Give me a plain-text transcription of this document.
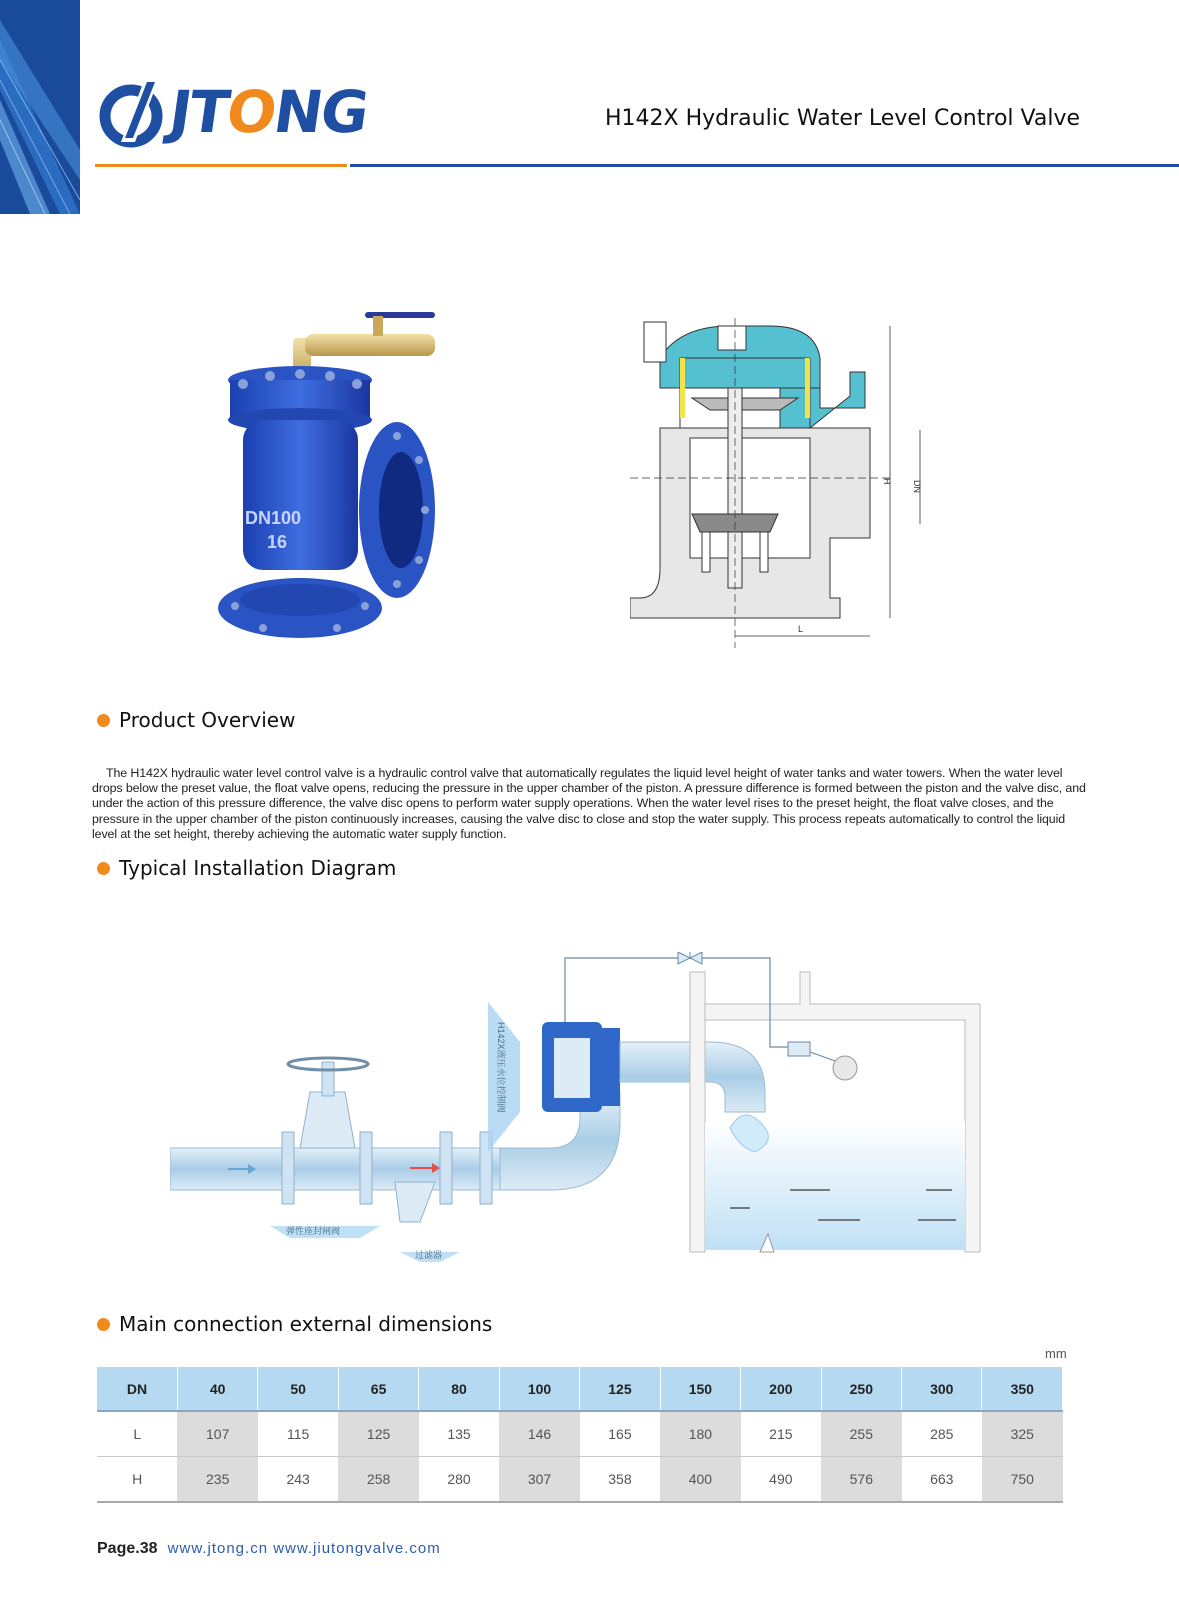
JTONG	H142X Hydraulic Water Level Control Valve
DN100
16
H DN
L
Product Overview
The H142X hydraulic water level control valve is a hydraulic control valve that automatically regulates the liquid level height of water tanks and water towers. When the water level drops below the preset value, the float valve opens, reducing the pressure in the upper chamber of the piston. A pressure difference is formed between the piston and the valve disc, and under the action of this pressure difference, the valve disc opens to perform water supply operations. When the water level rises to the preset height, the float valve closes, and the pressure in the upper chamber of the piston continuously increases, causing the valve disc to close and stop the water supply. This process repeats automatically to control the liquid level at the set height, thereby achieving the automatic water supply function.
Typical Installation Diagram
弹性座封闸阀
过滤器
H142X液压水位控制阀
Main connection external dimensions
mm
DN	40	50	65	80	100	125	150	200	250	300	350
L	107	115	125	135	146	165	180	215	255	285	325
H	235	243	258	280	307	358	400	490	576	663	750
Page.38 www.jtong.cn www.jiutongvalve.com
